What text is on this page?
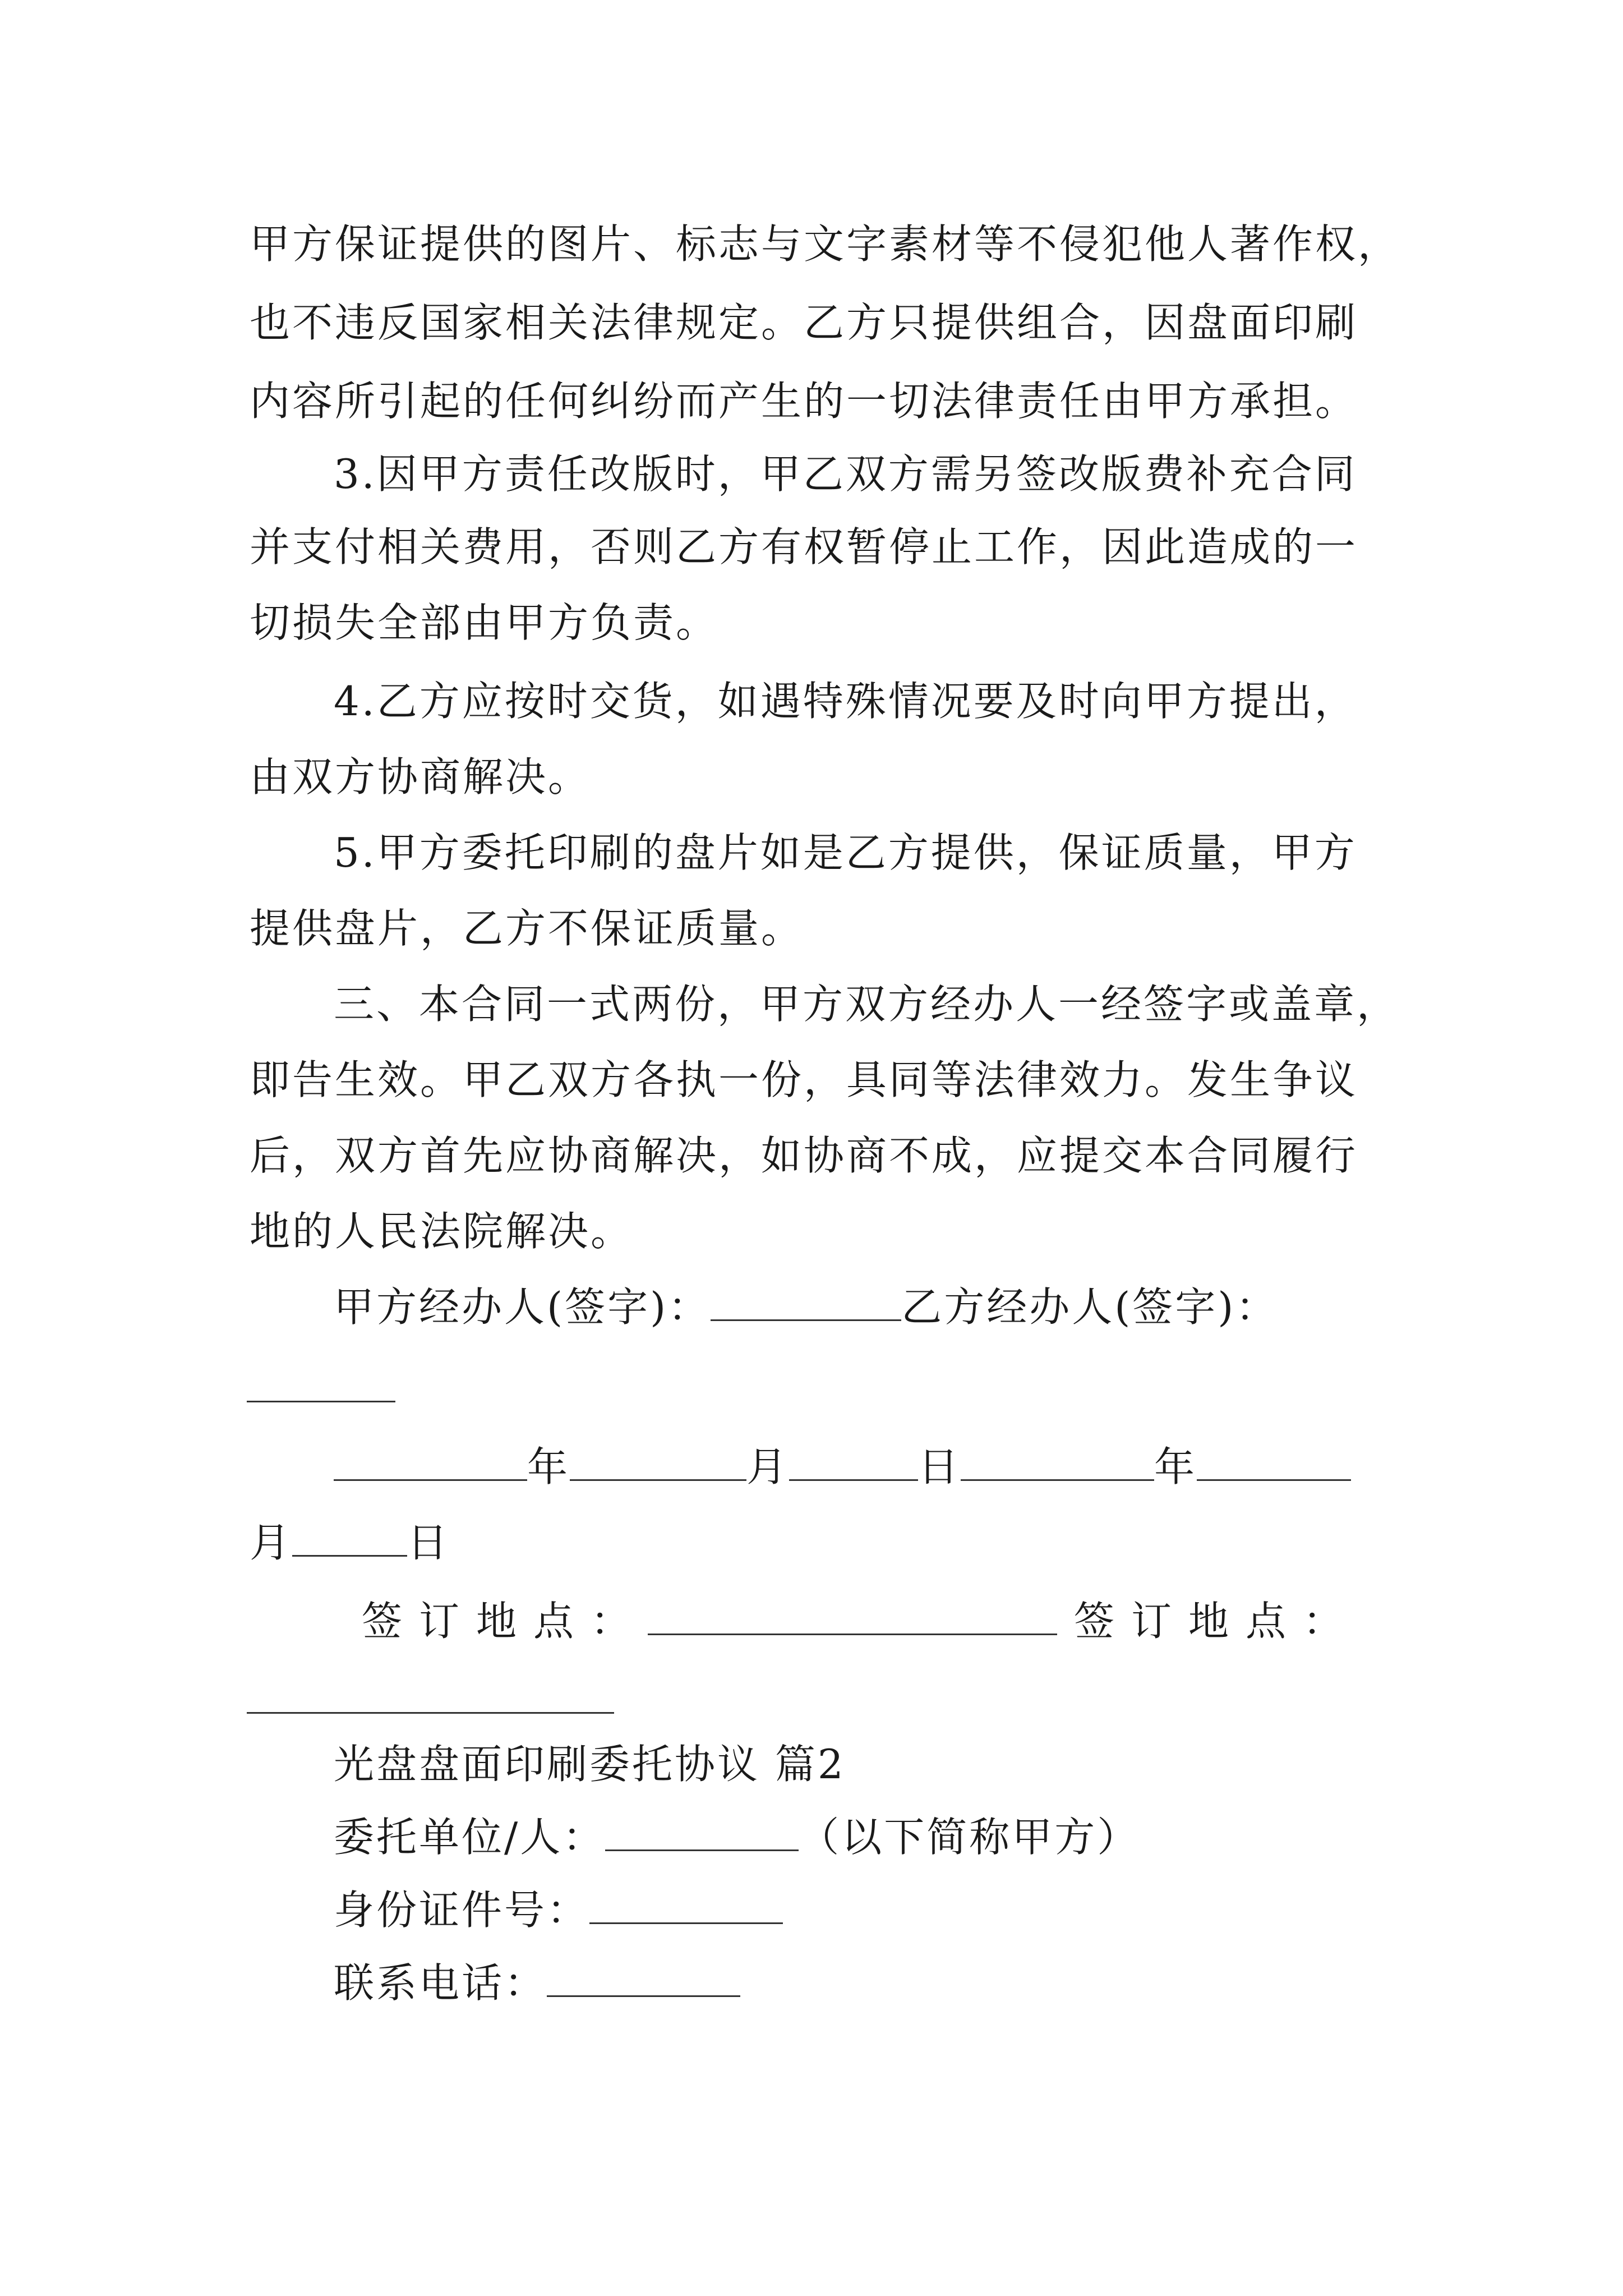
甲方保证提供的图片、标志与文字素材等不侵犯他人著作权，
也不违反国家相关法律规定。乙方只提供组合，因盘面印刷
内容所引起的任何纠纷而产生的一切法律责任由甲方承担。
3.因甲方责任改版时，甲乙双方需另签改版费补充合同
并支付相关费用，否则乙方有权暂停止工作，因此造成的一
切损失全部由甲方负责。
4.乙方应按时交货，如遇特殊情况要及时向甲方提出，
由双方协商解决。
5.甲方委托印刷的盘片如是乙方提供，保证质量，甲方
提供盘片，乙方不保证质量。
三、本合同一式两份，甲方双方经办人一经签字或盖章，
即告生效。甲乙双方各执一份，具同等法律效力。发生争议
后，双方首先应协商解决，如协商不成，应提交本合同履行
地的人民法院解决。
甲方经办人(签字)：	乙方经办人(签字)：
年	月	日	年
月	日
签订地点：	签订地点：
光盘盘面印刷委托协议 篇2
委托单位/人：	（以下简称甲方）
身份证件号：
联系电话：
